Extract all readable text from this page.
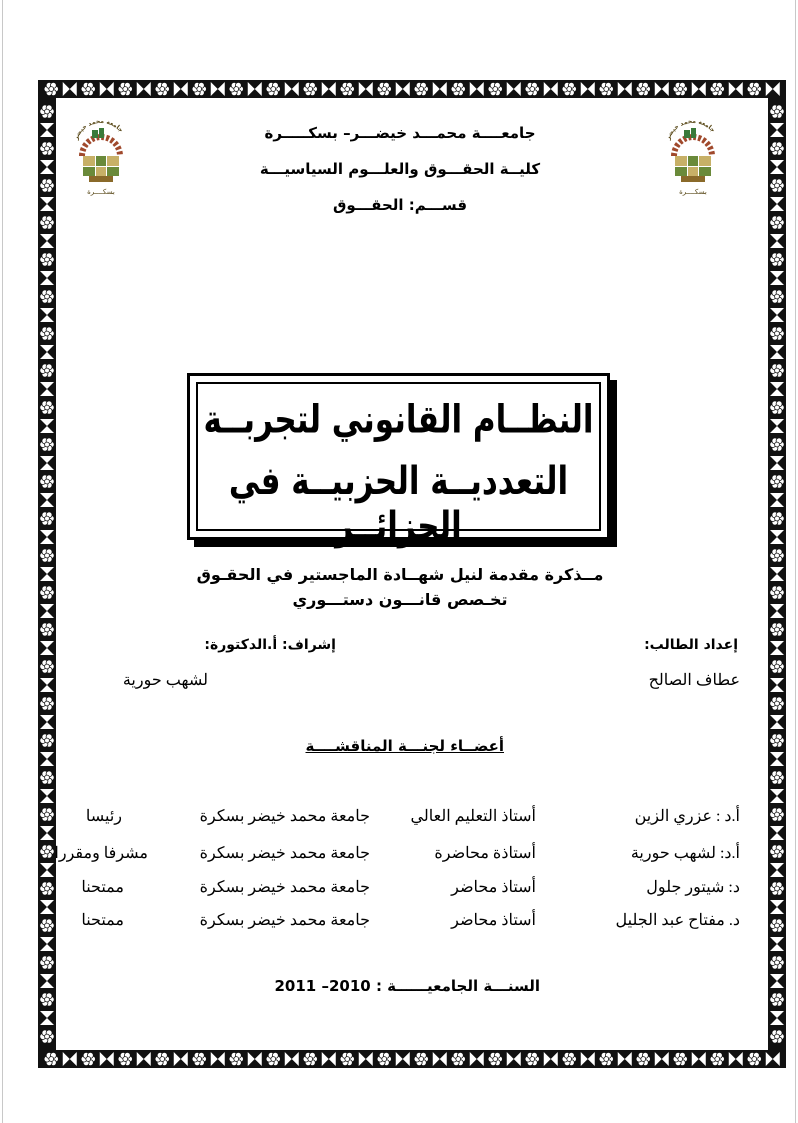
جامعة محمد خيضر
بسكــــرة
جامعة محمد خيضر
بسكــــرة
جامعــــة محمـــد خيضـــر– بسكـــــرة
كليــة الحقـــوق والعلـــوم السياسيـــة
قســـم: الحقـــوق
النظــام القانوني لتجربــة
التعدديــة الحزبيــة في الجزائــر
مــذكرة مقدمة لنيل شهــادة الماجستير في الحقـوق
تخـصص قانـــون دستـــوري
إعداد الطالب:
عطاف الصالح
إشراف: أ.الدكتورة:
لشهب حورية
أعضــاء لجنـــة المناقشــــة
أ.د : عزري الزين
أستاذ التعليم العالي
جامعة محمد خيضر بسكرة
رئيسا
أ.د: لشهب حورية
أستاذة محاضرة
جامعة محمد خيضر بسكرة
مشرفا ومقررا
د: شيتور جلول
أستاذ محاضر
جامعة محمد خيضر بسكرة
ممتحنا
د. مفتاح عبد الجليل
أستاذ محاضر
جامعة محمد خيضر بسكرة
ممتحنا
السنـــة الجامعيــــــة : 2010– 2011
